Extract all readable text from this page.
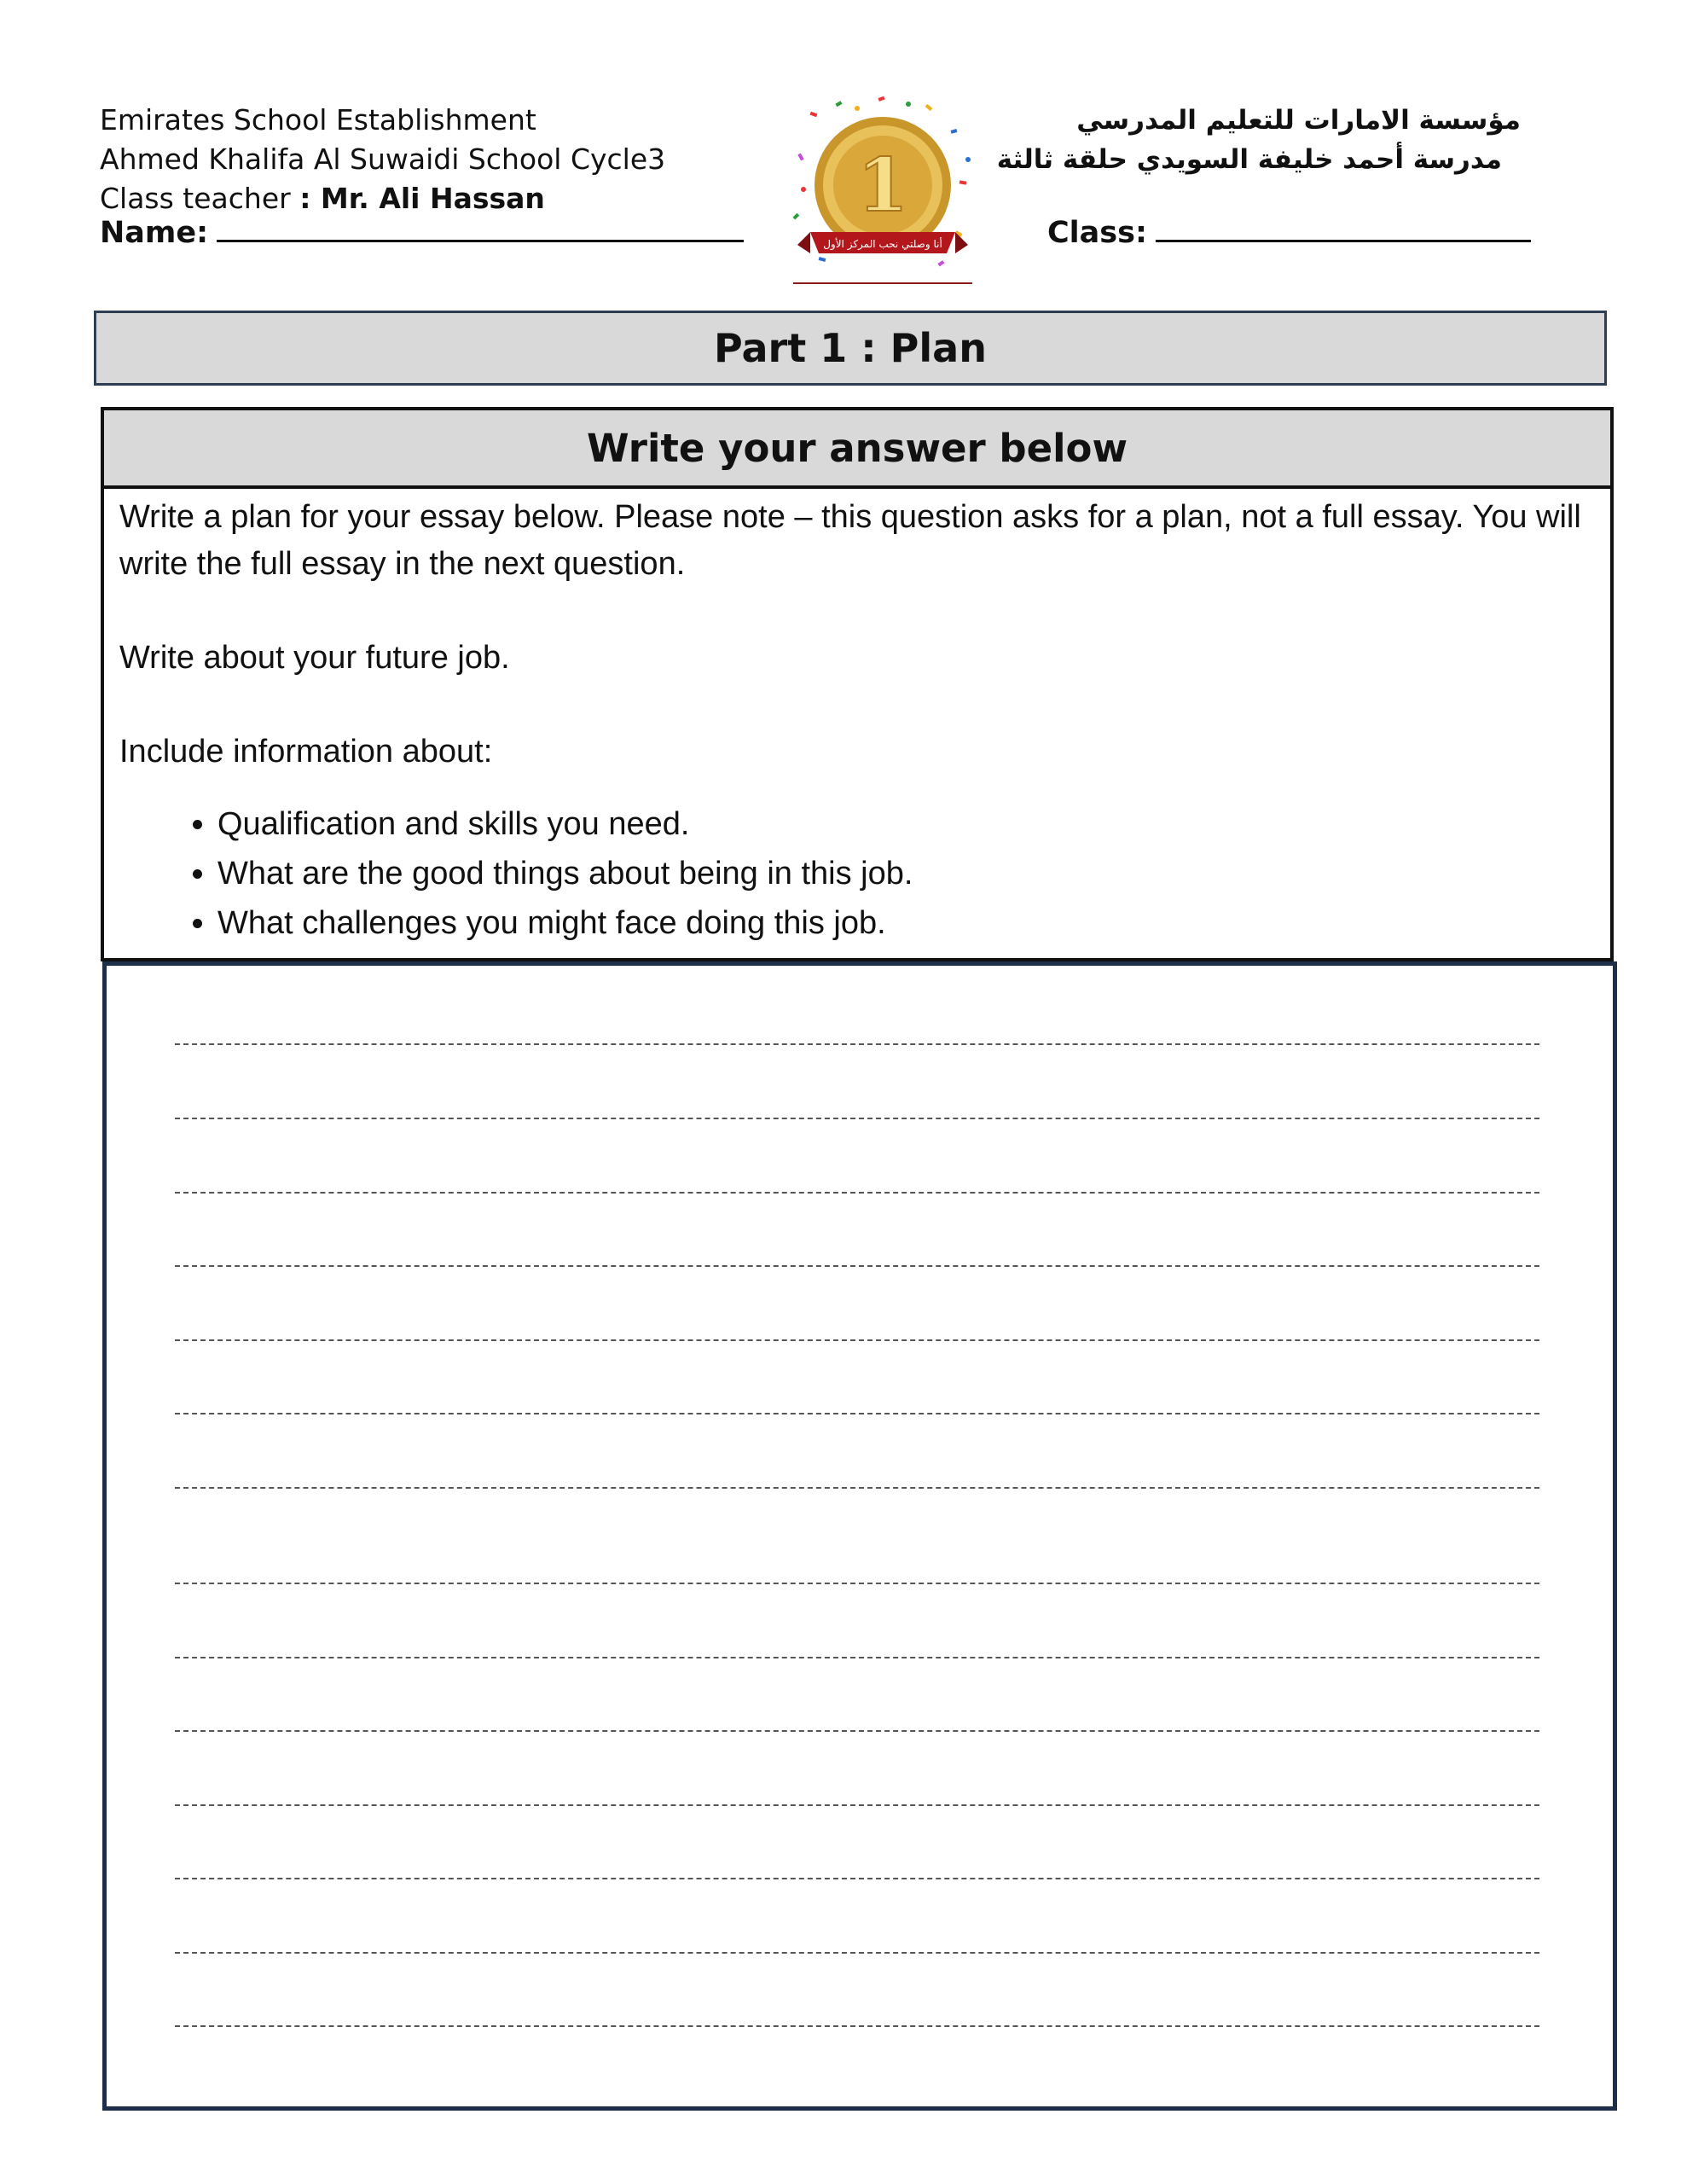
Emirates School Establishment
Ahmed Khalifa Al Suwaidi School Cycle3
Class teacher : Mr. Ali Hassan
Name:
1
أنا وصلتي نحب المركز الأول
مؤسسة الامارات للتعليم المدرسي
مدرسة أحمد خليفة السويدي حلقة ثالثة
Class:
Part 1 : Plan
Write your answer below

Write a plan for your essay below. Please note – this question asks for a plan, not a full essay. You will write the full essay in the next question.

Write about your future job.

Include information about:

• Qualification and skills you need.
• What are the good things about being in this job.
• What challenges you might face doing this job.
